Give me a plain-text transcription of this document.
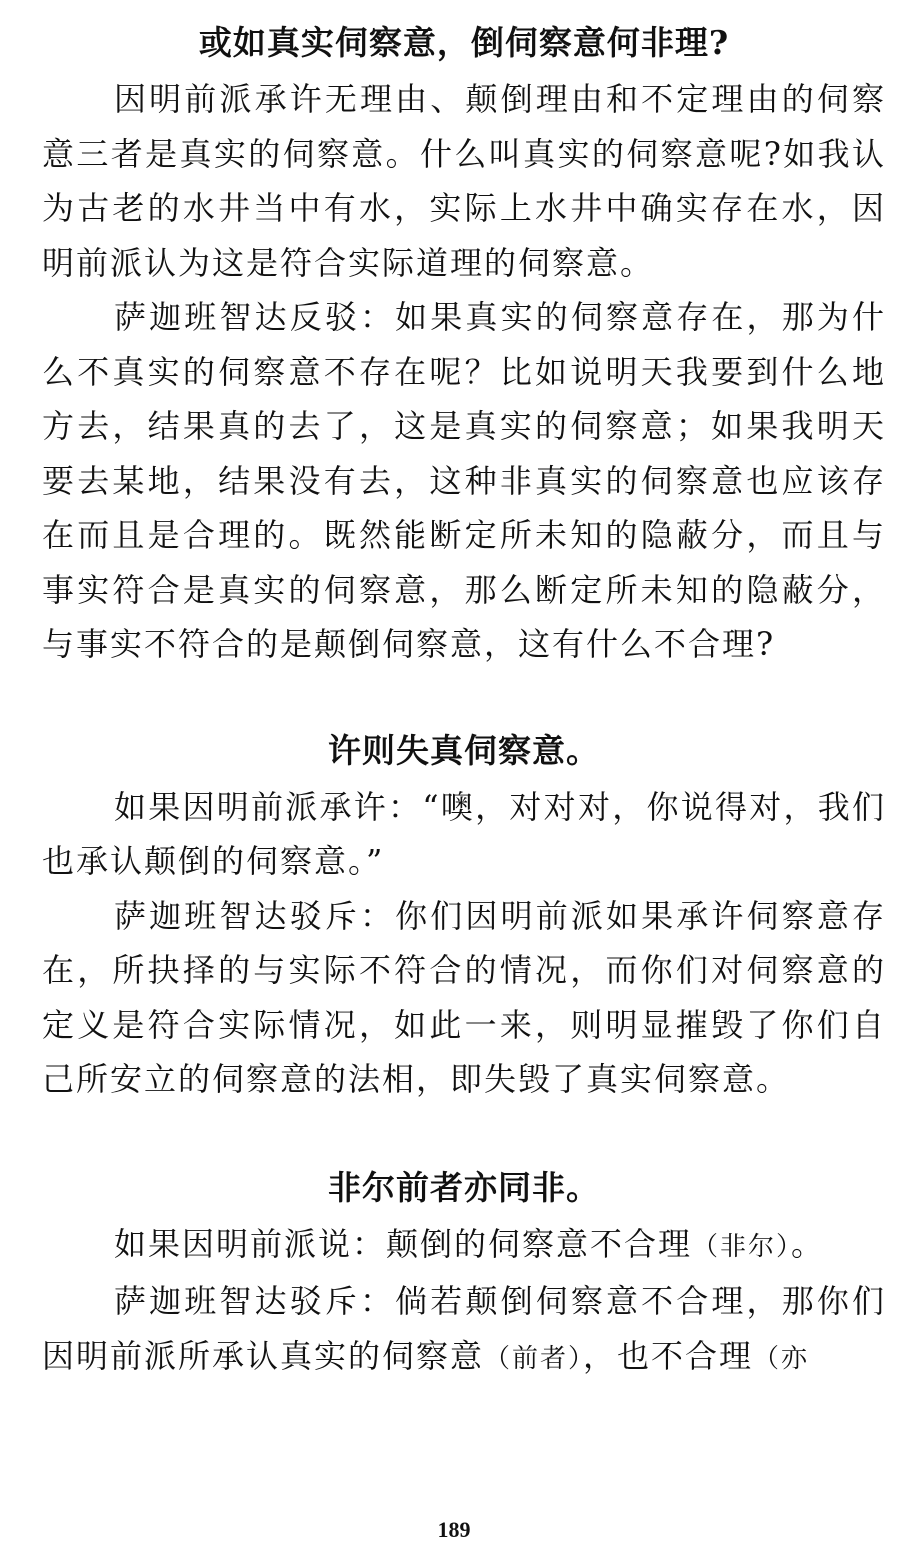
或如真实伺察意，倒伺察意何非理?

因明前派承许无理由、颠倒理由和不定理由的伺察意三者是真实的伺察意。什么叫真实的伺察意呢?如我认为古老的水井当中有水，实际上水井中确实存在水，因明前派认为这是符合实际道理的伺察意。

萨迦班智达反驳：如果真实的伺察意存在，那为什么不真实的伺察意不存在呢？比如说明天我要到什么地方去，结果真的去了，这是真实的伺察意；如果我明天要去某地，结果没有去，这种非真实的伺察意也应该存在而且是合理的。既然能断定所未知的隐蔽分，而且与事实符合是真实的伺察意，那么断定所未知的隐蔽分，与事实不符合的是颠倒伺察意，这有什么不合理?

许则失真伺察意。

如果因明前派承许：“噢，对对对，你说得对，我们也承认颠倒的伺察意。”

萨迦班智达驳斥：你们因明前派如果承许伺察意存在，所抉择的与实际不符合的情况，而你们对伺察意的定义是符合实际情况，如此一来，则明显摧毁了你们自己所安立的伺察意的法相，即失毁了真实伺察意。

非尔前者亦同非。

如果因明前派说：颠倒的伺察意不合理（非尔）。

萨迦班智达驳斥：倘若颠倒伺察意不合理，那你们因明前派所承认真实的伺察意（前者），也不合理（亦

189
